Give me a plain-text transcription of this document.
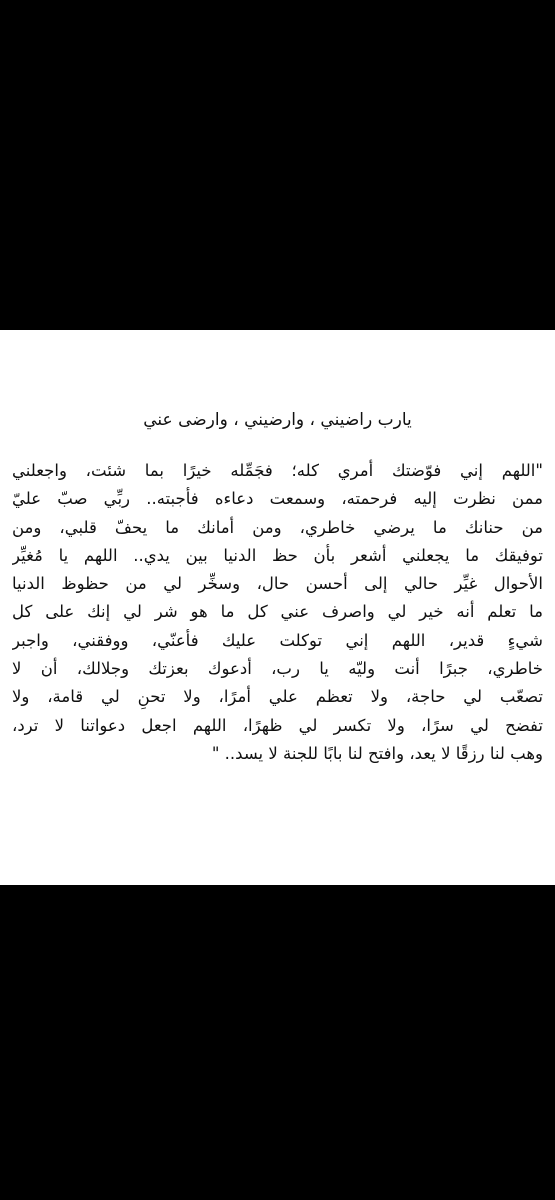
يارب راضيني ، وارضيني ، وارضى عني
"اللهم إني فوّضتك أمري كله؛ فجَمِّله خيرًا بما شئت، واجعلني
ممن نظرت إليه فرحمته، وسمعت دعاءه فأجبته.. ربِّي صبّ عليّ
من حنانك ما يرضي خاطري، ومن أمانك ما يحفّ قلبي، ومن
توفيقك ما يجعلني أشعر بأن حظ الدنيا بين يدي.. اللهم يا مُغيِّر
الأحوال غيِّر حالي إلى أحسن حال، وسخِّر لي من حظوظ الدنيا
ما تعلم أنه خير لي واصرف عني كل ما هو شر لي إنك على كل
شيءٍ قدير، اللهم إني توكلت عليك فأعنّي، ووفقني، واجبر
خاطري، جبرًا أنت وليّه يا رب، أدعوك بعزتك وجلالك، أن لا
تصعّب لي حاجة، ولا تعظم علي أمرًا، ولا تحنِ لي قامة، ولا
تفضح لي سرًا، ولا تكسر لي ظهرًا، اللهم اجعل دعواتنا لا ترد،
وهب لنا رزقًا لا يعد، وافتح لنا بابًا للجنة لا يسد.. "
